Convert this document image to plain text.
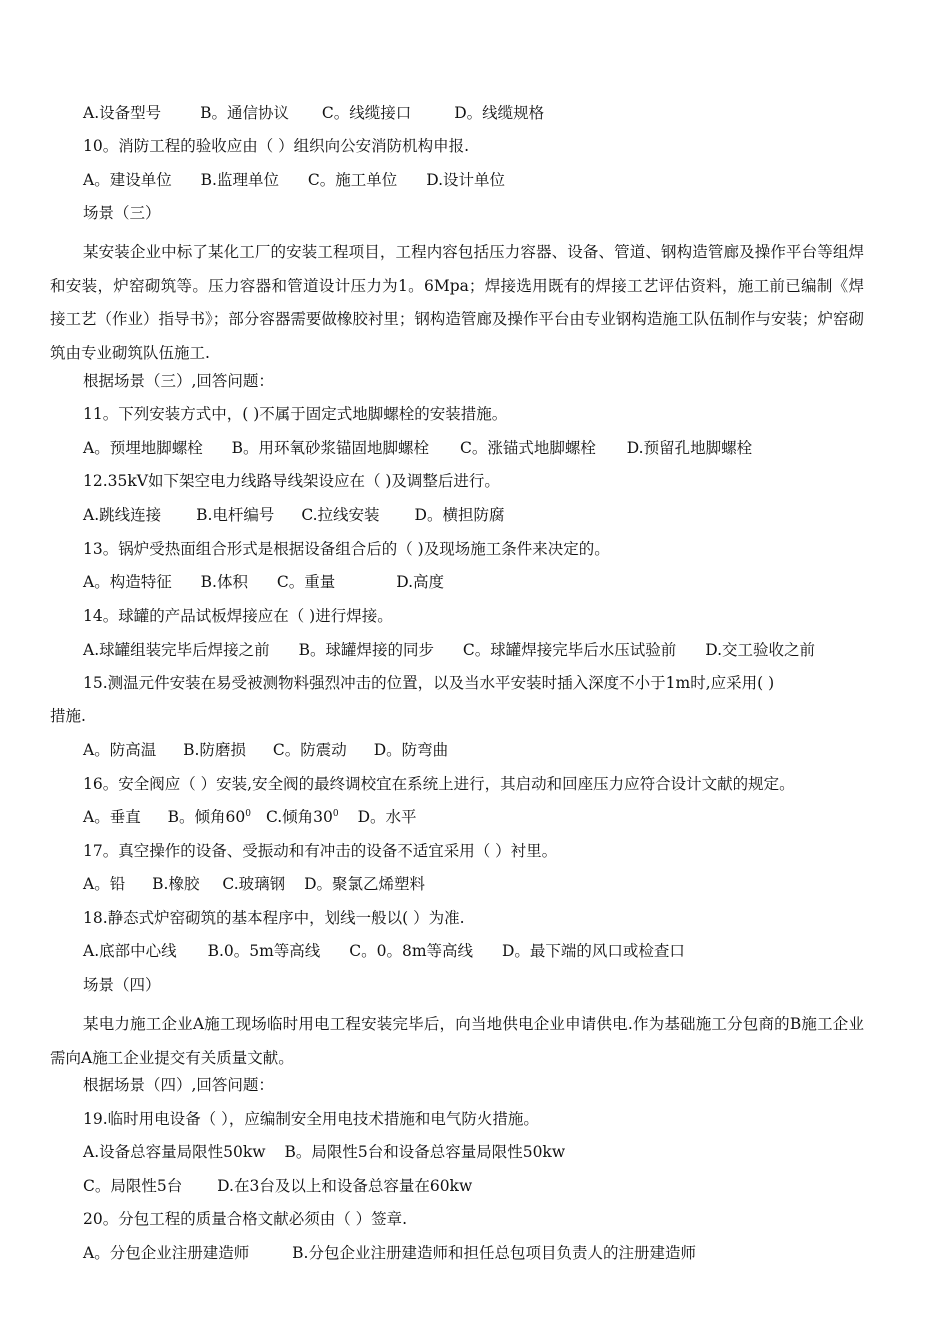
A.设备型号	B。通信协议 C。线缆接口	D。线缆规格
10。消防工程的验收应由（ ）组织向公安消防机构申报.
A。建设单位 B.监理单位 C。施工单位 D.设计单位
场景（三）
某安装企业中标了某化工厂的安装工程项目，工程内容包括压力容器、设备、管道、钢构造管廊及操作平台等组焊和安装，炉窑砌筑等。压力容器和管道设计压力为1。6Mpa；焊接选用既有的焊接工艺评估资料，施工前已编制《焊接工艺（作业）指导书》；部分容器需要做橡胶衬里；钢构造管廊及操作平台由专业钢构造施工队伍制作与安装；炉窑砌筑由专业砌筑队伍施工.
根据场景（三）,回答问题：
11。下列安装方式中，( )不属于固定式地脚螺栓的安装措施。
A。预埋地脚螺栓 B。用环氧砂浆锚固地脚螺栓 C。涨锚式地脚螺栓 D.预留孔地脚螺栓
12.35kV如下架空电力线路导线架设应在（ )及调整后进行。
A.跳线连接 B.电杆编号 C.拉线安装 D。横担防腐
13。锅炉受热面组合形式是根据设备组合后的（ )及现场施工条件来决定的。
A。构造特征 B.体积 C。重量	D.高度
14。球罐的产品试板焊接应在（ )进行焊接。
A.球罐组装完毕后焊接之前 B。球罐焊接的同步 C。球罐焊接完毕后水压试验前 D.交工验收之前
15.测温元件安装在易受被测物料强烈冲击的位置，以及当水平安装时插入深度不小于1m时,应采用( )
措施.
A。防高温 B.防磨损 C。防震动 D。防弯曲
16。安全阀应（ ）安装,安全阀的最终调校宜在系统上进行，其启动和回座压力应符合设计文献的规定。
A。垂直 B。倾角$60^0$ C.倾角$30^0$ D。水平
17。真空操作的设备、受振动和有冲击的设备不适宜采用（ ）衬里。
A。铅 B.橡胶 C.玻璃钢 D。聚氯乙烯塑料
18.静态式炉窑砌筑的基本程序中，划线一般以( ）为准.
A.底部中心线 B.0。5m等高线 C。0。8m等高线 D。最下端的风口或检查口
场景（四）
某电力施工企业A施工现场临时用电工程安装完毕后，向当地供电企业申请供电.作为基础施工分包商的B施工企业需向A施工企业提交有关质量文献。
根据场景（四）,回答问题：
19.临时用电设备（ ），应编制安全用电技术措施和电气防火措施。
A.设备总容量局限性50kw B。局限性5台和设备总容量局限性50kw
C。局限性5台 D.在3台及以上和设备总容量在60kw
20。分包工程的质量合格文献必须由（ ）签章.
A。分包企业注册建造师	B.分包企业注册建造师和担任总包项目负责人的注册建造师
